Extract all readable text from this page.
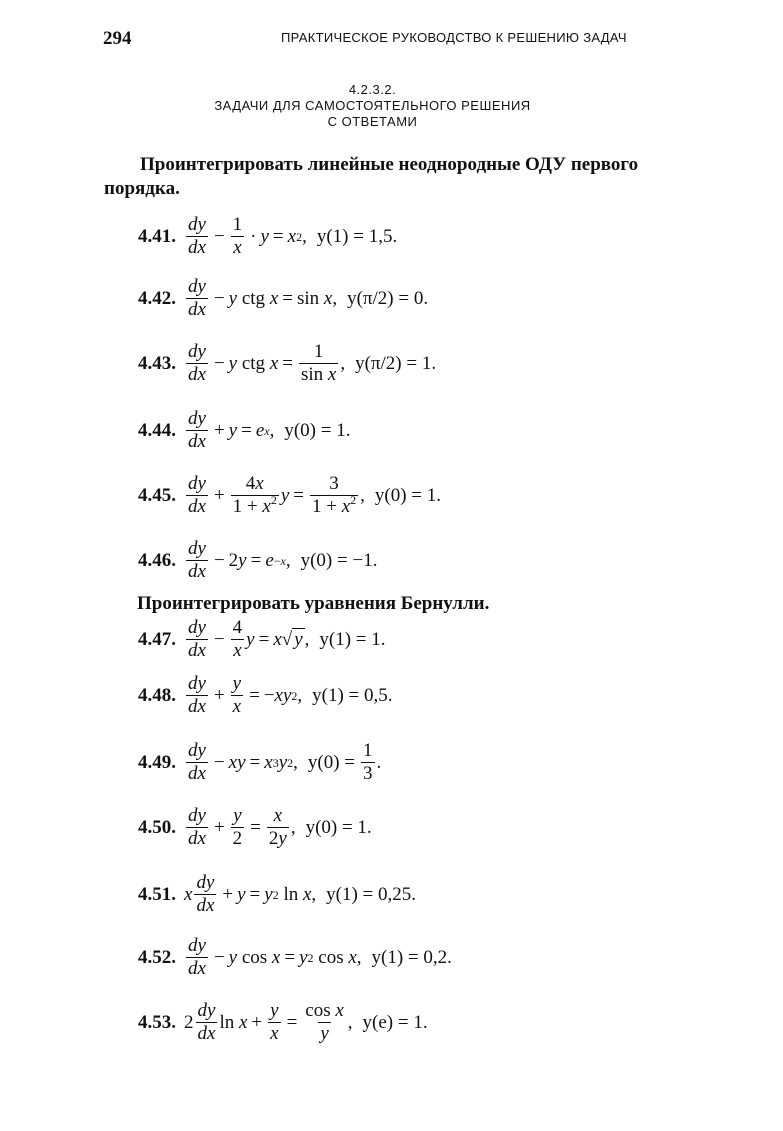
294	ПРАКТИЧЕСКОЕ РУКОВОДСТВО К РЕШЕНИЮ ЗАДАЧ
4.2.3.2.
ЗАДАЧИ ДЛЯ САМОСТОЯТЕЛЬНОГО РЕШЕНИЯ
С ОТВЕТАМИ
Проинтегрировать линейные неоднородные ОДУ первого порядка.
4.41. $\frac{dy}{dx} - \frac{1}{x} \cdot y = x$ 2 , y(1) = 1,5.
4.42. $\frac{dy}{dx} - y$
ctg
x = sin
x , y(π/2) = 0.
4.43. $\frac{dy}{dx} - y$
ctg
$x = \frac{1}{\text{sin x}}$ , y(π/2) = 1.
4.44. $\frac{dy}{dx} + y = e$ x , y(0) = 1.
4.45. $\frac{dy}{dx} + \frac{4x}{1 + x^2}$ $y = \frac{3}{1 + x^2}$ , y(0) = 1.
4.46. $\frac{dy}{dx} - 2$ y = e −x , y(0) = −1.
Проинтегрировать уравнения Бернулли.
4.47. $\frac{dy}{dx} - \frac{4}{x}$ y = x √ y , y(1) = 1.
4.48. $\frac{dy}{dx} + \frac{y}{x}$ = − xy 2 , y(1) = 0,5.
4.49. $\frac{dy}{dx}$ − xy = x 3 y 2 , $y(0) = \frac{1}{3}$ .
4.50. $\frac{dy}{dx} + \frac{y}{2} = \frac{x}{2y}$ , y(0) = 1.
4.51. x $\frac{dy}{dx} + y = y$ 2
ln
x , y(1) = 0,25.
4.52. $\frac{dy}{dx} - y$
cos
x = y 2
cos
x , y(1) = 0,2.
4.53. $2 \frac{dy}{dx}$ ln
$x + \frac{y}{x} = \frac{\text{cos x}}{y}$ , y(e) = 1.
